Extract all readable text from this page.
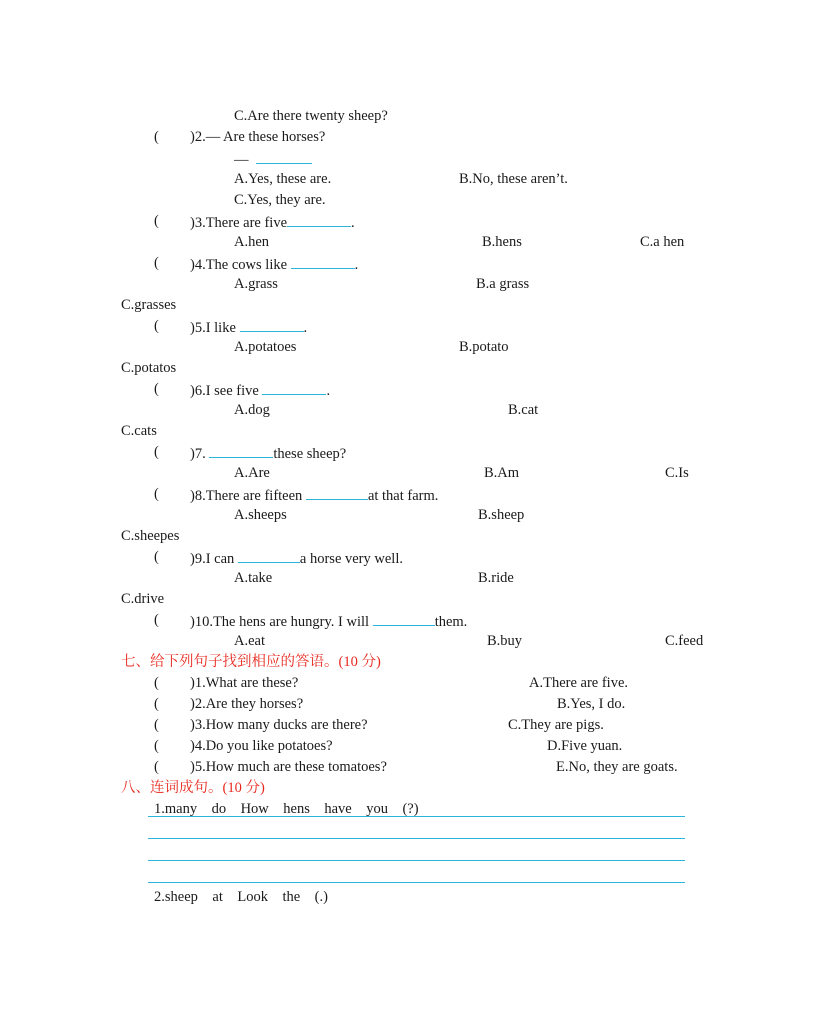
C.Are there twenty sheep?
( )2.— Are these horses?
—
A.Yes, these are.	B.No, these aren’t.
C.Yes, they are.
( )3.There are five	.
A.hen	B.hens	C.a hen
( )4.The cows like	.
A.grass	B.a grass
C.grasses
( )5.I like	.
A.potatoes	B.potato
C.potatos
( )6.I see five	.
A.dog	B.cat
C.cats
( )7.	these sheep?
A.Are	B.Am	C.Is
( )8.There are fifteen	at that farm.
A.sheeps	B.sheep
C.sheepes
( )9.I can	a horse very well.
A.take	B.ride
C.drive
( )10.The hens are hungry. I will	them.
A.eat	B.buy	C.feed
七、给下列句子找到相应的答语。(10 分)
( )1.What are these?	A.There are five.
( )2.Are they horses?	B.Yes, I do.
( )3.How many ducks are there?	C.They are pigs.
( )4.Do you like potatoes?	D.Five yuan.
( )5.How much are these tomatoes?	E.No, they are goats.
八、连词成句。(10 分)
1.many    do    How    hens    have    you    (?)
2.sheep    at    Look    the    (.)
